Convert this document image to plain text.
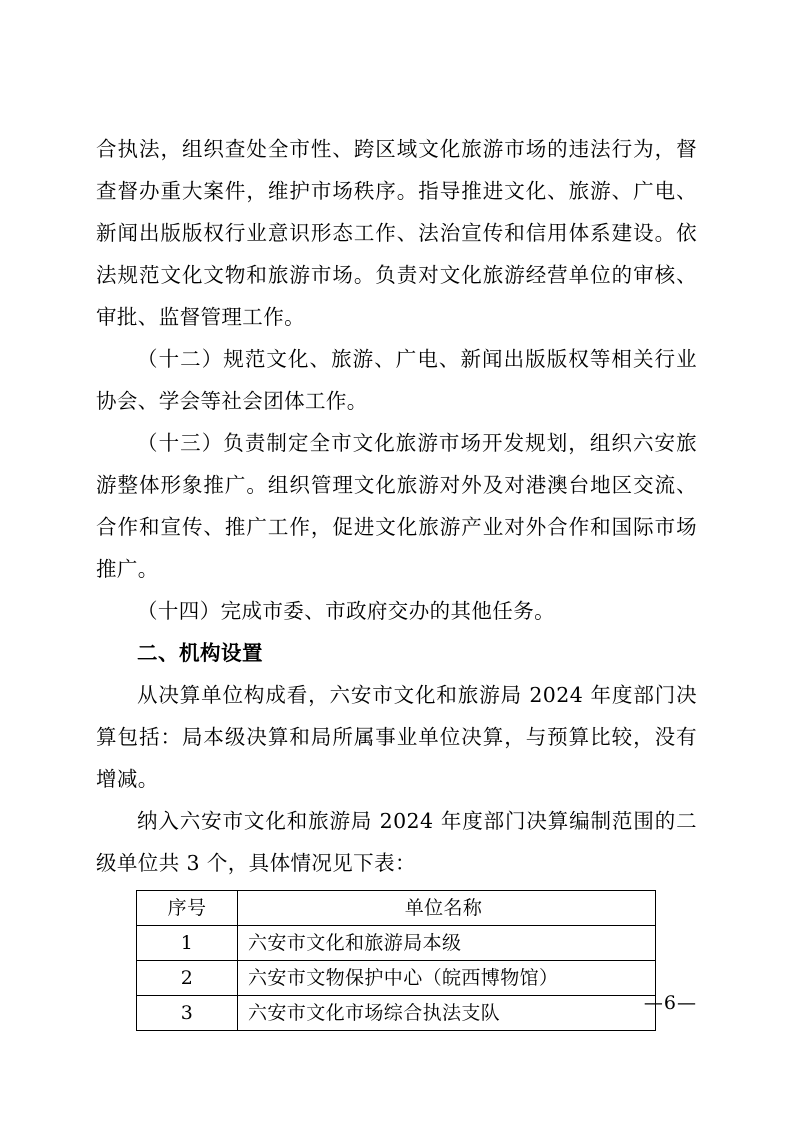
合执法，组织查处全市性、跨区域文化旅游市场的违法行为，督查督办重大案件，维护市场秩序。指导推进文化、旅游、广电、新闻出版版权行业意识形态工作、法治宣传和信用体系建设。依法规范文化文物和旅游市场。负责对文化旅游经营单位的审核、审批、监督管理工作。

（十二）规范文化、旅游、广电、新闻出版版权等相关行业协会、学会等社会团体工作。

（十三）负责制定全市文化旅游市场开发规划，组织六安旅游整体形象推广。组织管理文化旅游对外及对港澳台地区交流、合作和宣传、推广工作，促进文化旅游产业对外合作和国际市场推广。

（十四）完成市委、市政府交办的其他任务。

二、机构设置

从决算单位构成看，六安市文化和旅游局 2024 年度部门决算包括：局本级决算和局所属事业单位决算，与预算比较，没有增减。

纳入六安市文化和旅游局 2024 年度部门决算编制范围的二级单位共 3 个，具体情况见下表：

序号	单位名称
1	六安市文化和旅游局本级
2	六安市文物保护中心（皖西博物馆）
3	六安市文化市场综合执法支队	—6—
